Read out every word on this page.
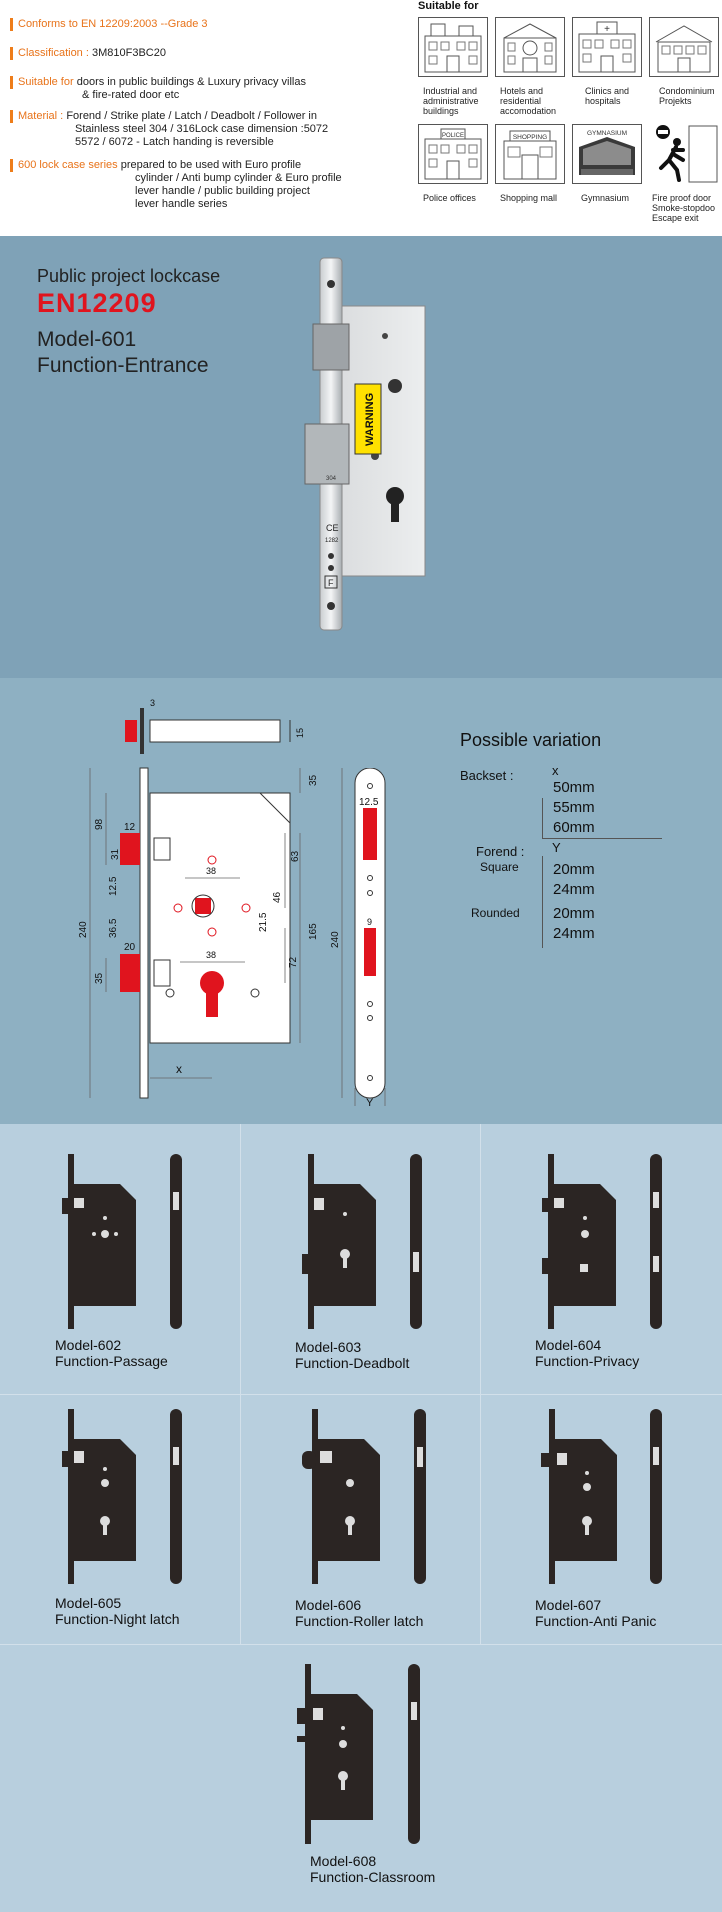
Conforms to EN 12209:2003 --Grade 3
Classification : 3M810F3BC20
Suitable for doors in public buildings & Luxury privacy villas
& fire-rated door etc
Material : Forend / Strike plate / Latch / Deadbolt / Follower in
Stainless steel 304 / 316Lock case dimension :5072
5572 / 6072 - Latch handing is reversible
600 lock case series prepared to be used with Euro profile
cylinder / Anti bump cylinder & Euro profile
lever handle / public building project
lever handle series
Suitable for
+
Industrial and
administrative
buildings
Hotels and
residential
accomodation
Clinics and
hospitals
Condominium
Projekts
POLICE	SHOPPING
GYMNASIUM
Police offices	Shopping mall	Gymnasium	Fire proof door
Smoke-stopdoo
Escape exit
Public project lockcase
EN12209
Model-601
Function-Entrance
WARNING
304
CE
1282
F
3
15
240
98 12
31
12.5
36.5
20
35
35
38
46
63
21.5	165
72
38
x
12.5
9
240
Y
Possible variation
Backset :	x
50mm
55mm
60mm
Forend : Y
Square 20mm
24mm
Rounded 20mm
24mm
Model-602
Function-Passage
Model-603
Function-Deadbolt
Model-604
Function-Privacy
Model-605
Function-Night latch
Model-606
Function-Roller latch
Model-607
Function-Anti Panic
Model-608
Function-Classroom
